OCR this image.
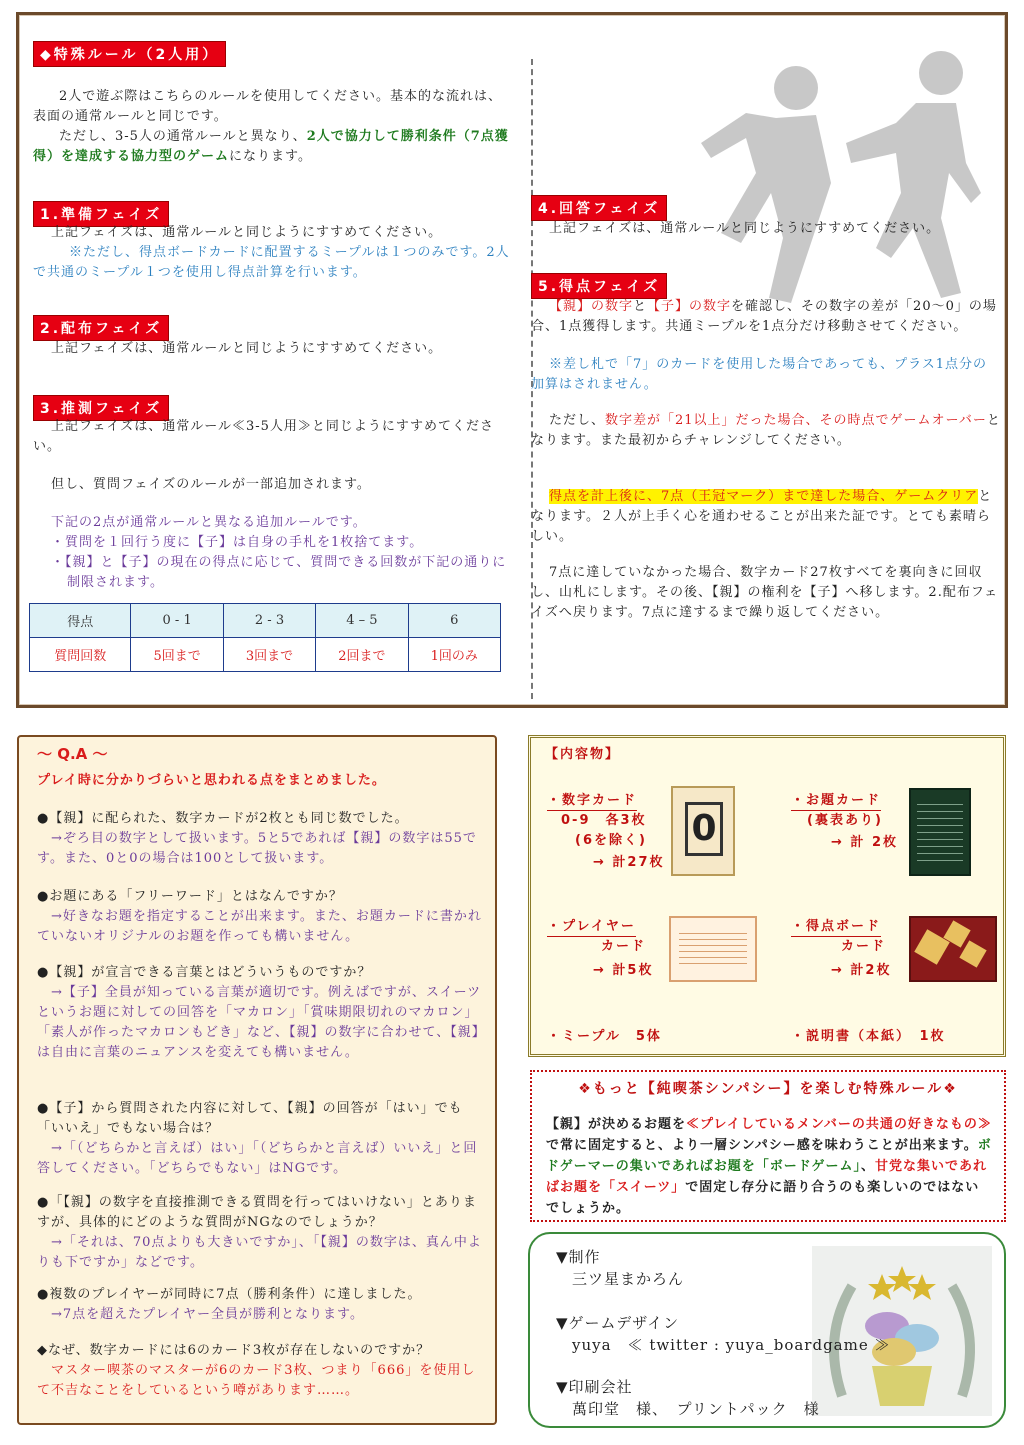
◆特殊ルール（2人用）
2人で遊ぶ際はこちらのルールを使用してください。基本的な流れは、表面の通常ルールと同じです。
ただし、3-5人の通常ルールと異なり、2人で協力して勝利条件（7点獲得）を達成する協力型のゲームになります。
1.準備フェイズ
上記フェイズは、通常ルールと同じようにすすめてください。
※ただし、得点ボードカードに配置するミープルは１つのみです。2人で共通のミープル１つを使用し得点計算を行います。
2.配布フェイズ
上記フェイズは、通常ルールと同じようにすすめてください。
3.推測フェイズ
上記フェイズは、通常ルール≪3-5人用≫と同じようにすすめてください。
但し、質問フェイズのルールが一部追加されます。
下記の2点が通常ルールと異なる追加ルールです。
・質問を１回行う度に【子】は自身の手札を1枚捨てます。
・【親】と【子】の現在の得点に応じて、質問できる回数が下記の通りに制限されます。
得点	0 - 1	2 - 3	4 – 5	6
質問回数	5回まで	3回まで	2回まで	1回のみ
4.回答フェイズ
上記フェイズは、通常ルールと同じようにすすめてください。
5.得点フェイズ
【親】の数字と【子】の数字を確認し、その数字の差が「20～0」の場合、1点獲得します。共通ミープルを1点分だけ移動させてください。
※差し札で「7」のカードを使用した場合であっても、プラス1点分の加算はされません。
ただし、数字差が「21以上」だった場合、その時点でゲームオーバーとなります。また最初からチャレンジしてください。
得点を計上後に、7点（王冠マーク）まで達した場合、ゲームクリアとなります。２人が上手く心を通わせることが出来た証です。とても素晴らしい。
7点に達していなかった場合、数字カード27枚すべてを裏向きに回収し、山札にします。その後、【親】の権利を【子】へ移します。2.配布フェイズへ戻ります。7点に達するまで繰り返してください。
～ Q.A ～
プレイ時に分かりづらいと思われる点をまとめました。
●【親】に配られた、数字カードが2枚とも同じ数でした。
→ぞろ目の数字として扱います。5と5であれば【親】の数字は55です。また、0と0の場合は100として扱います。
●お題にある「フリーワード」とはなんですか？
→好きなお題を指定することが出来ます。また、お題カードに書かれていないオリジナルのお題を作っても構いません。
●【親】が宣言できる言葉とはどういうものですか？
→【子】全員が知っている言葉が適切です。例えばですが、スイーツというお題に対しての回答を「マカロン」「賞味期限切れのマカロン」「素人が作ったマカロンもどき」など、【親】の数字に合わせて、【親】は自由に言葉のニュアンスを変えても構いません。
●【子】から質問された内容に対して、【親】の回答が「はい」でも「いいえ」でもない場合は？
→「（どちらかと言えば）はい」「（どちらかと言えば）いいえ」と回答してください。「どちらでもない」はNGです。
●「【親】の数字を直接推測できる質問を行ってはいけない」とありますが、具体的にどのような質問がNGなのでしょうか？
→「それは、70点よりも大きいですか」、「【親】の数字は、真ん中よりも下ですか」などです。
●複数のプレイヤーが同時に7点（勝利条件）に達しました。
→7点を超えたプレイヤー全員が勝利となります。
◆なぜ、数字カードには6のカード3枚が存在しないのですか？
マスター喫茶のマスターが6のカード3枚、つまり「666」を使用して不吉なことをしているという噂があります……。
【内容物】
・数字カード
0-9　各3枚
(6を除く)
→ 計27枚
0
・お題カード
(裏表あり)
→ 計 2枚
・プレイヤー
カード
→ 計5枚
・得点ボード
カード
→ 計2枚
・ミープル　5体	・説明書（本紙）　1枚
❖もっと【純喫茶シンパシー】を楽しむ特殊ルール❖
【親】が決めるお題を≪プレイしているメンバーの共通の好きなもの≫で常に固定すると、より一層シンパシー感を味わうことが出来ます。ボドゲーマーの集いであればお題を「ボードゲーム」、甘党な集いであればお題を「スイーツ」で固定し存分に語り合うのも楽しいのではないでしょうか。
▼制作
三ツ星まかろん
▼ゲームデザイン
yuya　≪ twitter : yuya_boardgame ≫
▼印刷会社
萬印堂　様、　プリントパック　様
